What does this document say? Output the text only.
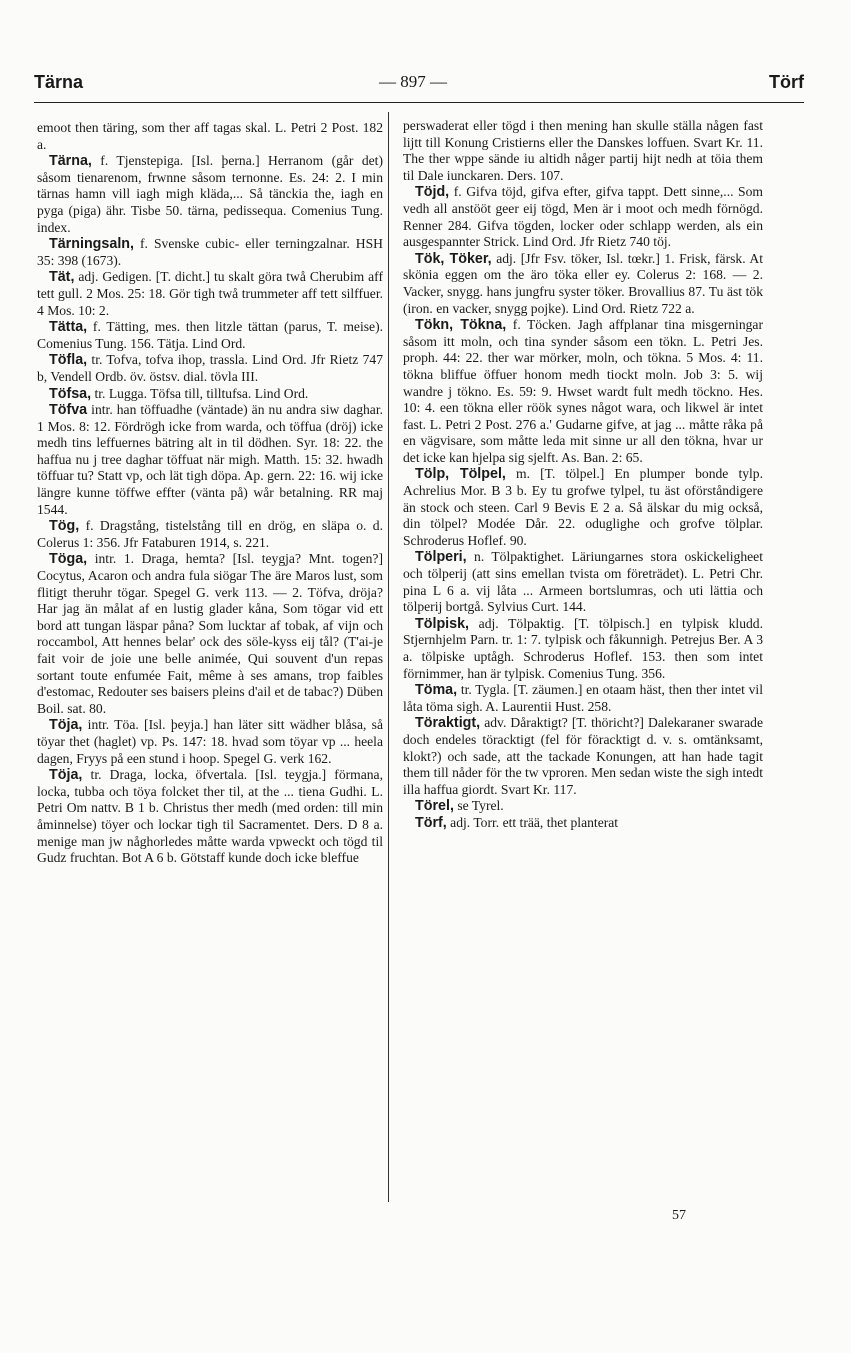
Tärna	— 897 —	Törf

emoot then täring, som ther aff tagas skal. L. Petri 2 Post. 182 a.

Tärna, f. Tjenstepiga. [Isl. þerna.] Herranom (går det) såsom tienarenom, frwnne såsom ternonne. Es. 24: 2. I min tärnas hamn vill iagh migh kläda,... Så tänckia the, iagh en pyga (piga) ähr. Tisbe 50. tärna, pedissequa. Comenius Tung. index.

Tärningsaln, f. Svenske cubic- eller terningzalnar. HSH 35: 398 (1673).

Tät, adj. Gedigen. [T. dicht.] tu skalt göra twå Cherubim aff tett gull. 2 Mos. 25: 18. Gör tigh twå trummeter aff tett silffuer. 4 Mos. 10: 2.

Tätta, f. Tätting, mes. then litzle tättan (parus, T. meise). Comenius Tung. 156. Tätja. Lind Ord.

Töfla, tr. Tofva, tofva ihop, trassla. Lind Ord. Jfr Rietz 747 b, Vendell Ordb. öv. östsv. dial. tövla III.

Töfsa, tr. Lugga. Töfsa till, tilltufsa. Lind Ord.

Töfva intr. han töffuadhe (väntade) än nu andra siw daghar. 1 Mos. 8: 12. Fördrögh icke from warda, och töffua (dröj) icke medh tins leffuernes bätring alt in til dödhen. Syr. 18: 22. the haffua nu j tree daghar töffuat när migh. Matth. 15: 32. hwadh töffuar tu? Statt vp, och lät tigh döpa. Ap. gern. 22: 16. wij icke längre kunne töffwe effter (vänta på) wår betalning. RR maj 1544.

Tög, f. Dragstång, tistelstång till en drög, en släpa o. d. Colerus 1: 356. Jfr Fataburen 1914, s. 221.

Töga, intr. 1. Draga, hemta? [Isl. teygja? Mnt. togen?] Cocytus, Acaron och andra fula siögar The äre Maros lust, som flitigt theruhr tögar. Spegel G. verk 113. — 2. Töfva, dröja? Har jag än målat af en lustig glader kåna, Som tögar vid ett bord att tungan läspar påna? Som lucktar af tobak, af vijn och roccambol, Att hennes belar' ock des söle-kyss eij tål? (T'ai-je fait voir de joie une belle animée, Qui souvent d'un repas sortant toute enfumée Fait, même à ses amans, trop faibles d'estomac, Redouter ses baisers pleins d'ail et de tabac?) Düben Boil. sat. 80.

Töja, intr. Töa. [Isl. þeyja.] han läter sitt wädher blåsa, så töyar thet (haglet) vp. Ps. 147: 18. hvad som töyar vp ... heela dagen, Fryys på een stund i hoop. Spegel G. verk 162.

Töja, tr. Draga, locka, öfvertala. [Isl. teygja.] förmana, locka, tubba och töya folcket ther til, at the ... tiena Gudhi. L. Petri Om nattv. B 1 b. Christus ther medh (med orden: till min åminnelse) töyer och lockar tigh til Sacramentet. Ders. D 8 a. menige man jw någhorledes måtte warda vpweckt och tögd til Gudz fruchtan. Bot A 6 b. Götstaff kunde doch icke bleffue

perswaderat eller tögd i then mening han skulle ställa någen fast lijtt till Konung Cristierns eller the Danskes loffuen. Svart Kr. 11. The ther wppe sände iu altidh någer partij hijt nedh at töia them til Dale iunckaren. Ders. 107.

Töjd, f. Gifva töjd, gifva efter, gifva tappt. Dett sinne,... Som vedh all anstööt geer eij tögd, Men är i moot och medh förnögd. Renner 284. Gifva tögden, locker oder schlapp werden, als ein ausgespannter Strick. Lind Ord. Jfr Rietz 740 töj.

Tök, Töker, adj. [Jfr Fsv. töker, Isl. tœkr.] 1. Frisk, färsk. At skönia eggen om the äro töka eller ey. Colerus 2: 168. — 2. Vacker, snygg. hans jungfru syster töker. Brovallius 87. Tu äst tök (iron. en vacker, snygg pojke). Lind Ord. Rietz 722 a.

Tökn, Tökna, f. Töcken. Jagh affplanar tina misgerningar såsom itt moln, och tina synder såsom een tökn. L. Petri Jes. proph. 44: 22. ther war mörker, moln, och tökna. 5 Mos. 4: 11. tökna bliffue öffuer honom medh tiockt moln. Job 3: 5. wij wandre j tökno. Es. 59: 9. Hwset wardt fult medh töckno. Hes. 10: 4. een tökna eller röök synes något wara, och likwel är intet fast. L. Petri 2 Post. 276 a.' Gudarne gifve, at jag ... måtte råka på en vägvisare, som måtte leda mit sinne ur all den tökna, hvar ur det icke kan hjelpa sig sjelft. As. Ban. 2: 65.

Tölp, Tölpel, m. [T. tölpel.] En plumper bonde tylp. Achrelius Mor. B 3 b. Ey tu grofwe tylpel, tu äst oförståndigere än stock och steen. Carl 9 Bevis E 2 a. Så älskar du mig också, din tölpel? Modée Dår. 22. oduglighe och grofve tölplar. Schroderus Hoflef. 90.

Tölperi, n. Tölpaktighet. Läriungarnes stora oskickeligheet och tölperij (att sins emellan tvista om företrädet). L. Petri Chr. pina L 6 a. vij låta ... Armeen bortslumras, och uti lättia och tölperij bortgå. Sylvius Curt. 144.

Tölpisk, adj. Tölpaktig. [T. tölpisch.] en tylpisk kludd. Stjernhjelm Parn. tr. 1: 7. tylpisk och fåkunnigh. Petrejus Ber. A 3 a. tölpiske uptågh. Schroderus Hoflef. 153. then som intet förnimmer, han är tylpisk. Comenius Tung. 356.

Töma, tr. Tygla. [T. zäumen.] en otaam häst, then ther intet vil låta töma sigh. A. Laurentii Hust. 258.

Töraktigt, adv. Dåraktigt? [T. thöricht?] Dalekaraner swarade doch endeles töracktigt (fel för föracktigt d. v. s. omtänksamt, klokt?) och sade, att the tackade Konungen, att han hade tagit them till nåder för the tw vproren. Men sedan wiste the sigh intedt illa haffua giordt. Svart Kr. 117.

Törel, se Tyrel.

Törf, adj. Torr. ett trää, thet planterat

57
